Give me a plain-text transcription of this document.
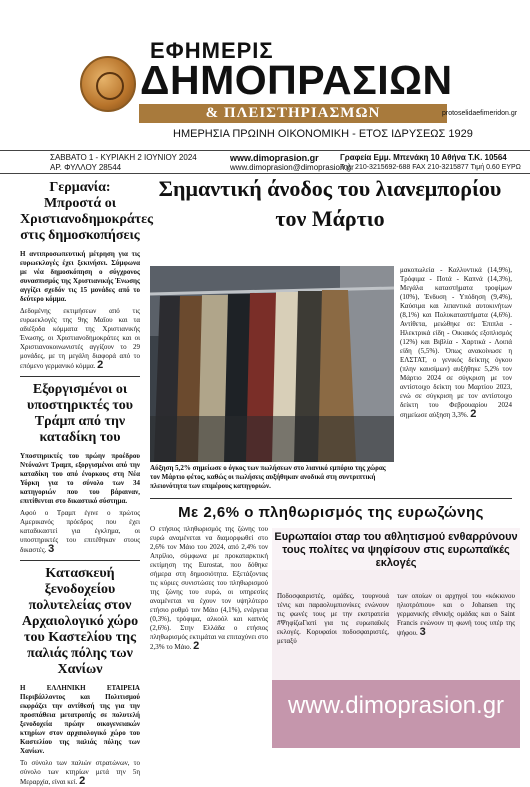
ΕΦΗΜΕΡΙΣ
ΔΗΜΟΠΡΑΣΙΩΝ
& ΠΛΕΙΣΤΗΡΙΑΣΜΩΝ
ΗΜΕΡΗΣΙΑ ΠΡΩΙΝΗ ΟΙΚΟΝΟΜΙΚΗ - ΕΤΟΣ ΙΔΡΥΣΕΩΣ 1929
protoselidaefimeridon.gr
ΣΑΒΒΑΤΟ 1 - ΚΥΡΙΑΚΗ 2 ΙΟΥΝΙΟΥ 2024
ΑΡ. ΦΥΛΛΟΥ 28544
www.dimoprasion.gr
www.dimoprasion@dimoprasion.gr
Γραφεία Εμμ. Μπενάκη 10 Αθήνα Τ.Κ. 10564
Τηλ. 210-3215692-688 FAX 210-3215877 Τιμή 0.60 ΕΥΡΩ
Γερμανία: Μπροστά οι Χριστιανοδημοκράτες στις δημοσκοπήσεις
Η αντιπροσωπευτική μέτρηση για τις ευρωεκλογές έχει ξεκινήσει. Σύμφωνα με νέα δημοσκόπηση ο σύγχρονος συνασπισμός της Χριστιανικής Ένωσης αγγίζει σχεδόν τις 15 μονάδες από το δεύτερο κόμμα.
Δεδομένης εκτιμήσεων από τις ευρωεκλογές της 9ης Μαΐου και τα αδιέξοδα κόμματα της Χριστιανικής Ένωσης, οι Χριστιανοδημοκράτες και οι Χριστιανοκοινωνιστές αγγίζουν το 29 μονάδες, με τη μεγάλη διαφορά από το επόμενο γερμανικό κόμμα. 2
Εξοργισμένοι οι υποστηρικτές του Τράμπ από την καταδίκη του
Υποστηρικτές του πρώην προέδρου Ντόναλντ Τραμπ, εξοργισμένοι από την καταδίκη του από ένορκους στη Νέα Υόρκη για το σύνολο των 34 κατηγοριών που του βάραιναν, επιτίθενται στο δικαστικό σύστημα.
Αφού ο Τραμπ έγινε ο πρώτος Αμερικανός πρόεδρος που έχει καταδικαστεί για έγκλημα, οι υποστηρικτές του επιτέθηκαν στους δικαστές. 3
Κατασκευή ξενοδοχείου πολυτελείας στον Αρχαιολογικό χώρο του Καστελίου της παλιάς πόλης των Χανίων
Η ΕΛΛΗΝΙΚΗ ΕΤΑΙΡΕΙΑ Περιβάλλοντος και Πολιτισμού εκφράζει την αντίθεσή της για την προσπάθεια μετατροπής σε πολυτελή ξενοδοχεία πρώην οικογενειακών κτηρίων στον αρχαιολογικό χώρο του Καστελίου της παλιάς πόλης των Χανίων.
Το σύνολο των παλιών στρατώνων, το σύνολο των κτηρίων μετά την 5η Μεραρχία, είναι κεί. 2
Σημαντική άνοδος του λιανεμπορίου τον Μάρτιο
Αύξηση 5,2% σημείωσε ο όγκος των πωλήσεων στο λιανικό εμπόριο της χώρας τον Μάρτιο φέτος, καθώς οι πωλήσεις αυξήθηκαν ανοδικά στη συντριπτική πλειονότητα των επιμέρους κατηγοριών.
μακοπωλεία - Καλλυντικά (14,9%), Τρόφιμα - Ποτά - Καπνά (14,3%), Μεγάλα καταστήματα τροφίμων (10%), Ένδυση - Υπόδηση (9,4%), Καύσιμα και λιπαντικά αυτοκινήτων (8,1%) και Πολυκαταστήματα (4,6%). Αντίθετα, μειώθηκε σε: Έπιπλα - Ηλεκτρικά είδη - Οικιακός εξοπλισμός (12%) και Βιβλία - Χαρτικά - Λοιπά είδη (5,5%). Όπως ανακοίνωσε η ΕΛΣΤΑΤ, ο γενικός δείκτης όγκου (πλην καυσίμων) αυξήθηκε 5,2% τον Μάρτιο 2024 σε σύγκριση με τον αντίστοιχο δείκτη του Μαρτίου 2023, ενώ σε σύγκριση με τον αντίστοιχο δείκτη του Φεβρουαρίου 2024 σημείωσε αύξηση 3,3%. 2
Με 2,6% ο πληθωρισμός της ευρωζώνης
Ο ετήσιος πληθωρισμός της ζώνης του ευρώ αναμένεται να διαμορφωθεί στο 2,6% τον Μάιο του 2024, από 2,4% τον Απρίλιο, σύμφωνα με προκαταρκτική εκτίμηση της Eurostat, που δόθηκε σήμερα στη δημοσιότητα. Εξετάζοντας τις κύριες συνιστώσες του πληθωρισμού της ζώνης του ευρώ, οι υπηρεσίες αναμένεται να έχουν τον υψηλότερο ετήσιο ρυθμό τον Μάιο (4,1%), ενέργεια (0,3%), τρόφιμα, αλκοόλ και καπνός (2,6%). Στην Ελλάδα ο ετήσιος πληθωρισμός εκτιμάται να επιταχύνει στο 2,3% το Μάιο. 2
Ευρωπαίοι σταρ του αθλητισμού ενθαρρύνουν τους πολίτες να ψηφίσουν στις ευρωπαϊκές εκλογές
Ποδοσφαιριστές, ομάδες, τουρνουά τένις και παραολυμπιονίκες ενώνουν τις φωνές τους με την εκστρατεία #ΨηφίζωΓιατί για τις ευρωπαϊκές εκλογές. Κορυφαίοι ποδοσφαιριστές, μεταξύ
των οποίων οι αρχηγοί του «κόκκινου ηλιοτρόπιου» και ο Johansen της γερμανικής εθνικής ομάδας και ο Saint Francis ενώνουν τη φωνή τους υπέρ της ψήφου. 3
www.dimoprasion.gr
